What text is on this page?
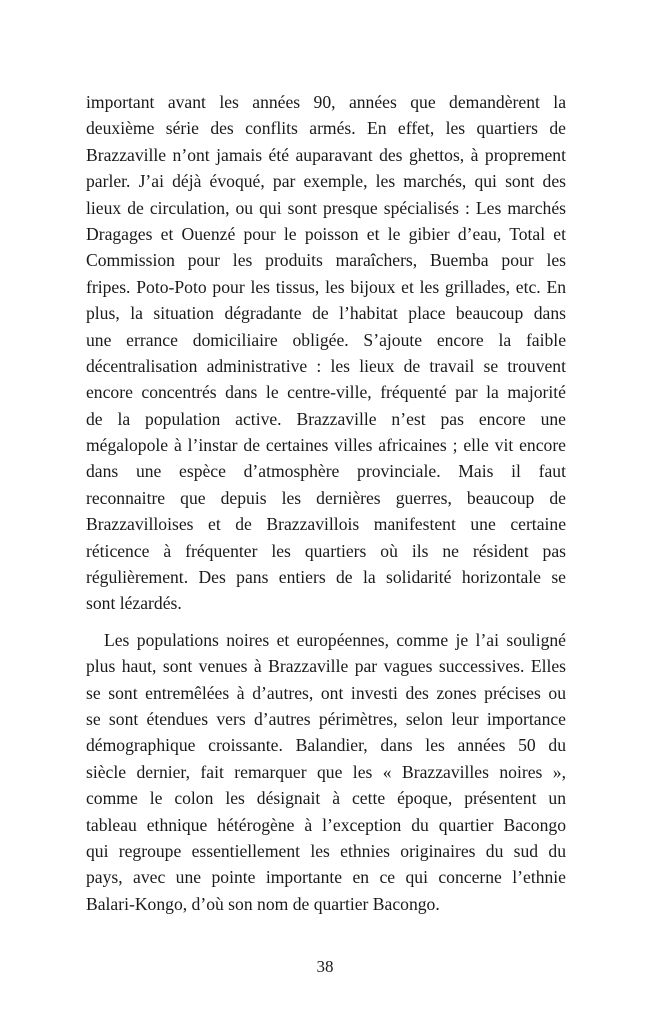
important avant les années 90, années que demandèrent la
deuxième série des conflits armés. En effet, les quartiers de
Brazzaville n’ont jamais été auparavant des ghettos, à proprement
parler. J’ai déjà évoqué, par exemple, les marchés, qui sont des
lieux de circulation, ou qui sont presque spécialisés : Les marchés
Dragages et Ouenzé pour le poisson et le gibier d’eau, Total et
Commission pour les produits maraîchers, Buemba pour les
fripes. Poto-Poto pour les tissus, les bijoux et les grillades, etc. En
plus, la situation dégradante de l’habitat place beaucoup dans
une errance domiciliaire obligée. S’ajoute encore la faible
décentralisation administrative : les lieux de travail se trouvent
encore concentrés dans le centre-ville, fréquenté par la majorité
de la population active. Brazzaville n’est pas encore une
mégalopole à l’instar de certaines villes africaines ; elle vit encore
dans une espèce d’atmosphère provinciale. Mais il faut
reconnaitre que depuis les dernières guerres, beaucoup de
Brazzavilloises et de Brazzavillois manifestent une certaine
réticence à fréquenter les quartiers où ils ne résident pas
régulièrement. Des pans entiers de la solidarité horizontale se
sont lézardés.
Les populations noires et européennes, comme je l’ai souligné
plus haut, sont venues à Brazzaville par vagues successives. Elles
se sont entremêlées à d’autres, ont investi des zones précises ou
se sont étendues vers d’autres périmètres, selon leur importance
démographique croissante. Balandier, dans les années 50 du
siècle dernier, fait remarquer que les « Brazzavilles noires »,
comme le colon les désignait à cette époque, présentent un
tableau ethnique hétérogène à l’exception du quartier Bacongo
qui regroupe essentiellement les ethnies originaires du sud du
pays, avec une pointe importante en ce qui concerne l’ethnie
Balari-Kongo, d’où son nom de quartier Bacongo.
38
